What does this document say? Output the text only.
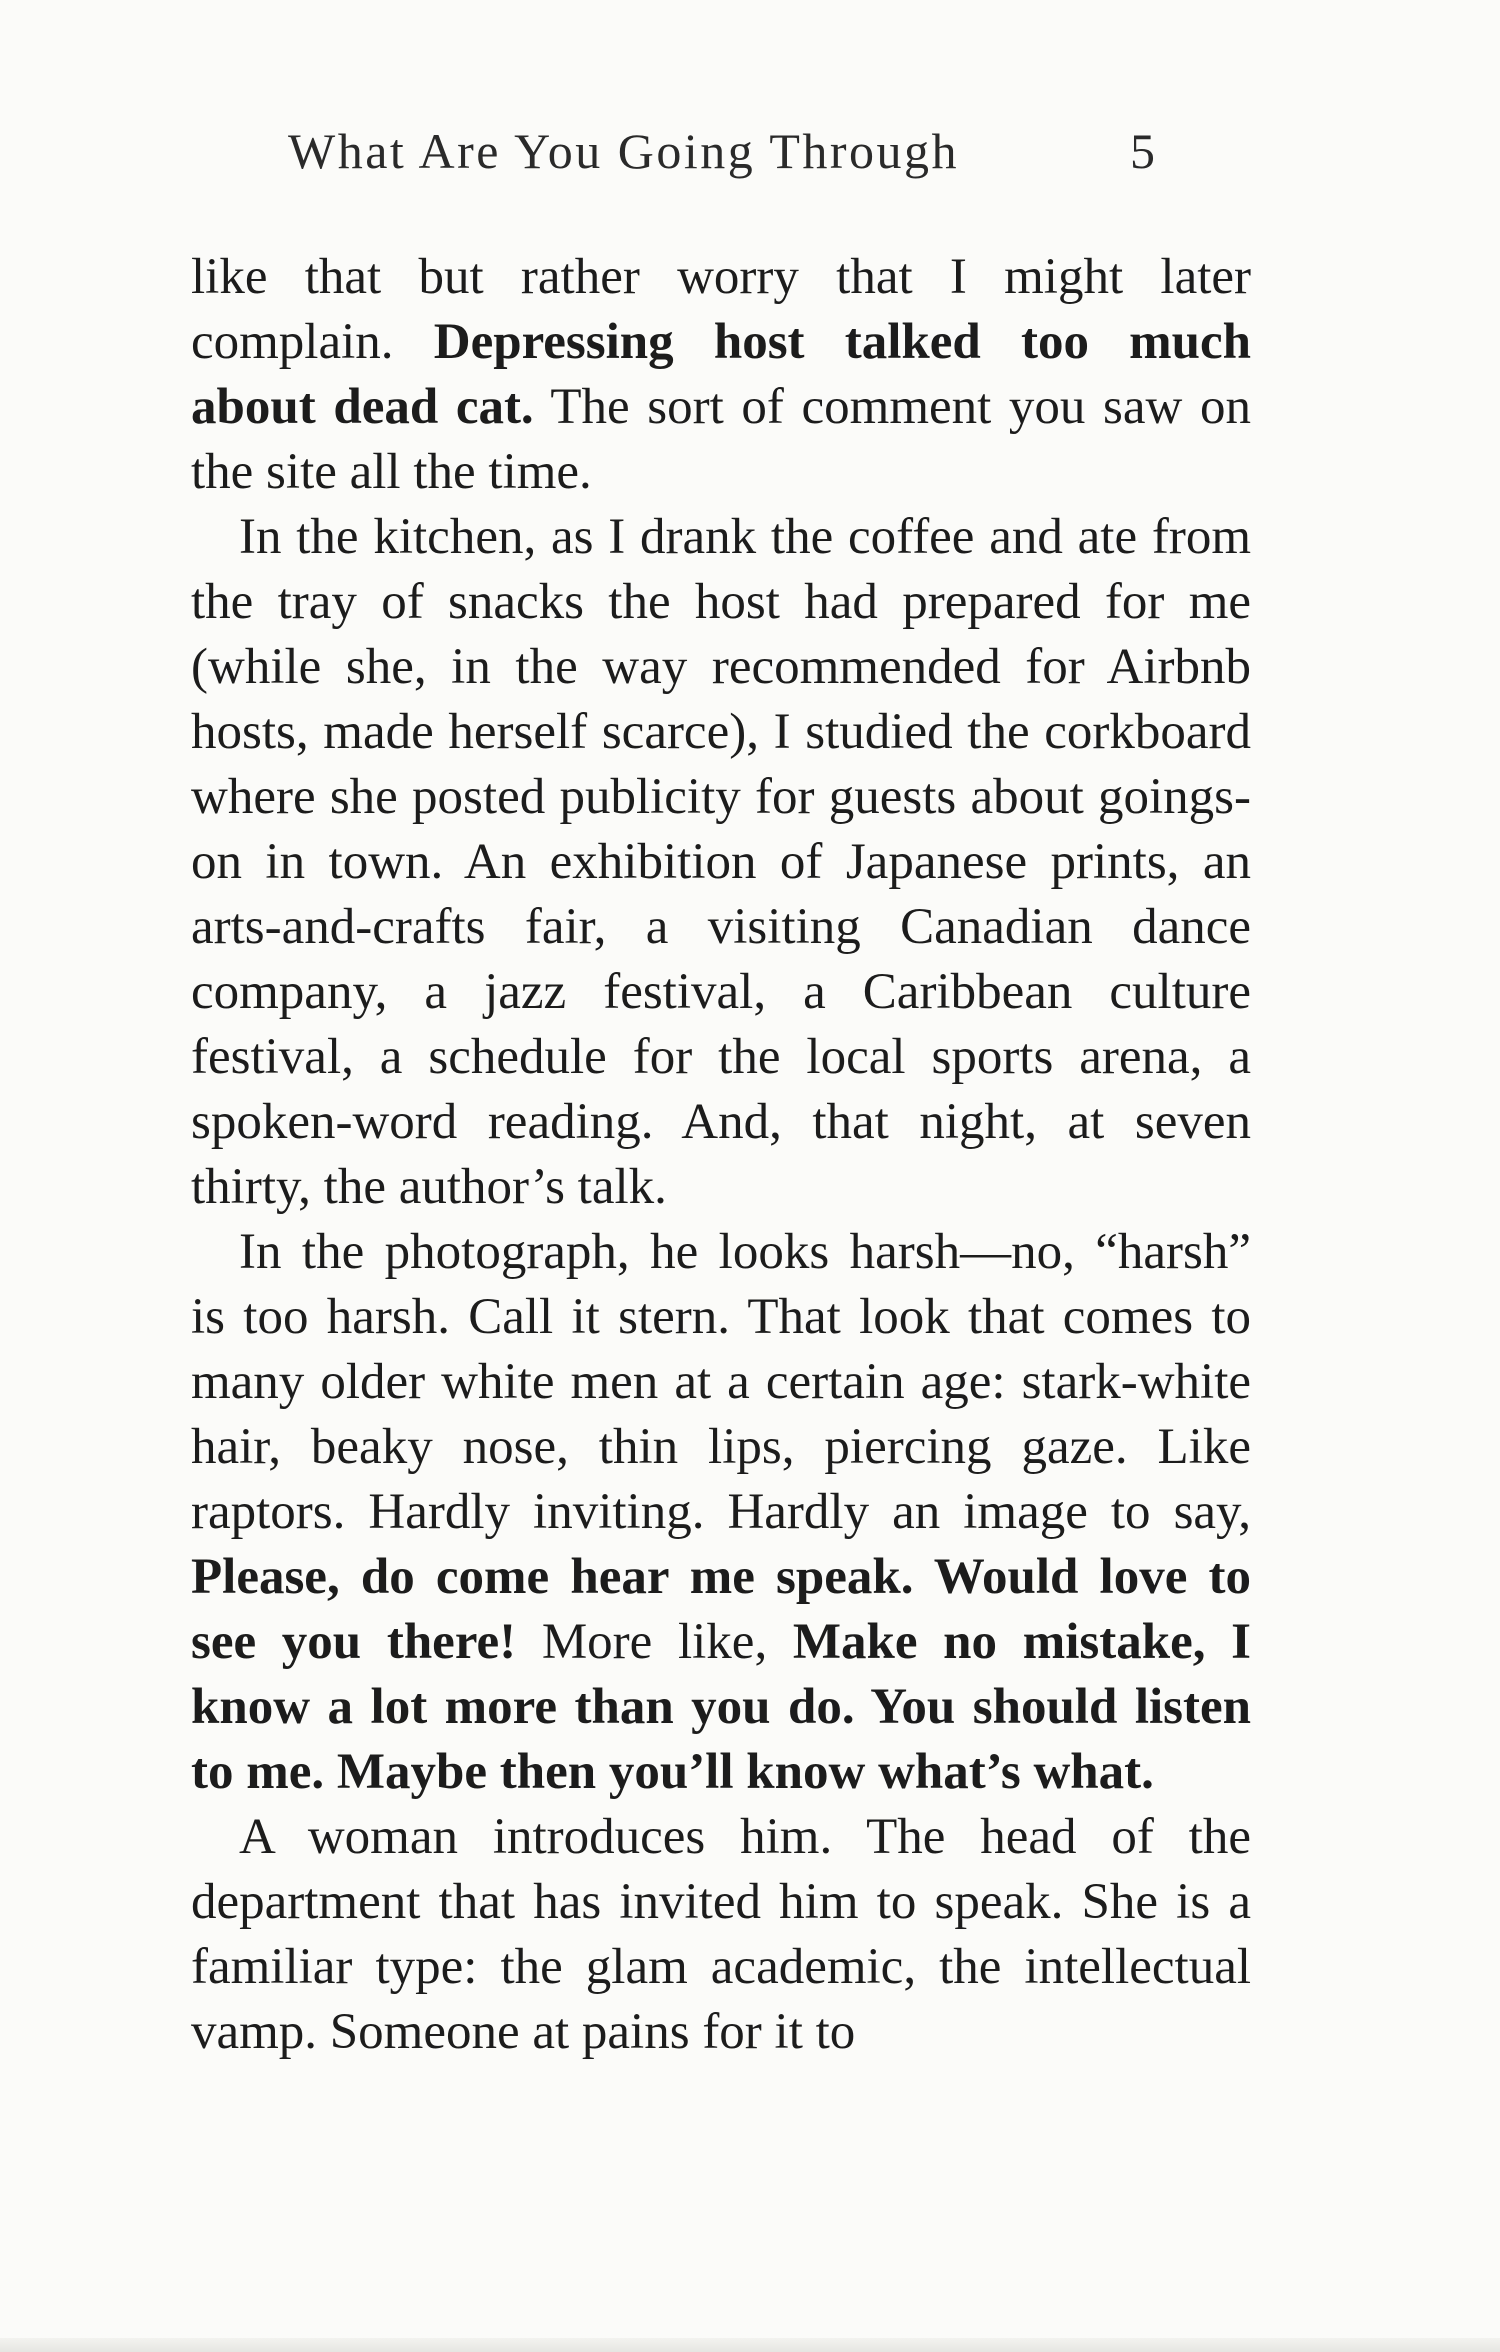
What Are You Going Through	5

like that but rather worry that I might later complain. Depressing host talked too much about dead cat. The sort of comment you saw on the site all the time.

In the kitchen, as I drank the coffee and ate from the tray of snacks the host had prepared for me (while she, in the way recommended for Airbnb hosts, made herself scarce), I studied the corkboard where she posted publicity for guests about goings-on in town. An exhibition of Japanese prints, an arts-and-crafts fair, a visiting Canadian dance company, a jazz festival, a Caribbean culture festival, a schedule for the local sports arena, a spoken-word reading. And, that night, at seven thirty, the author’s talk.

In the photograph, he looks harsh—no, “harsh” is too harsh. Call it stern. That look that comes to many older white men at a certain age: stark-white hair, beaky nose, thin lips, piercing gaze. Like raptors. Hardly inviting. Hardly an image to say, Please, do come hear me speak. Would love to see you there! More like, Make no mistake, I know a lot more than you do. You should listen to me. Maybe then you’ll know what’s what.

A woman introduces him. The head of the department that has invited him to speak. She is a familiar type: the glam academic, the intellectual vamp. Someone at pains for it to
